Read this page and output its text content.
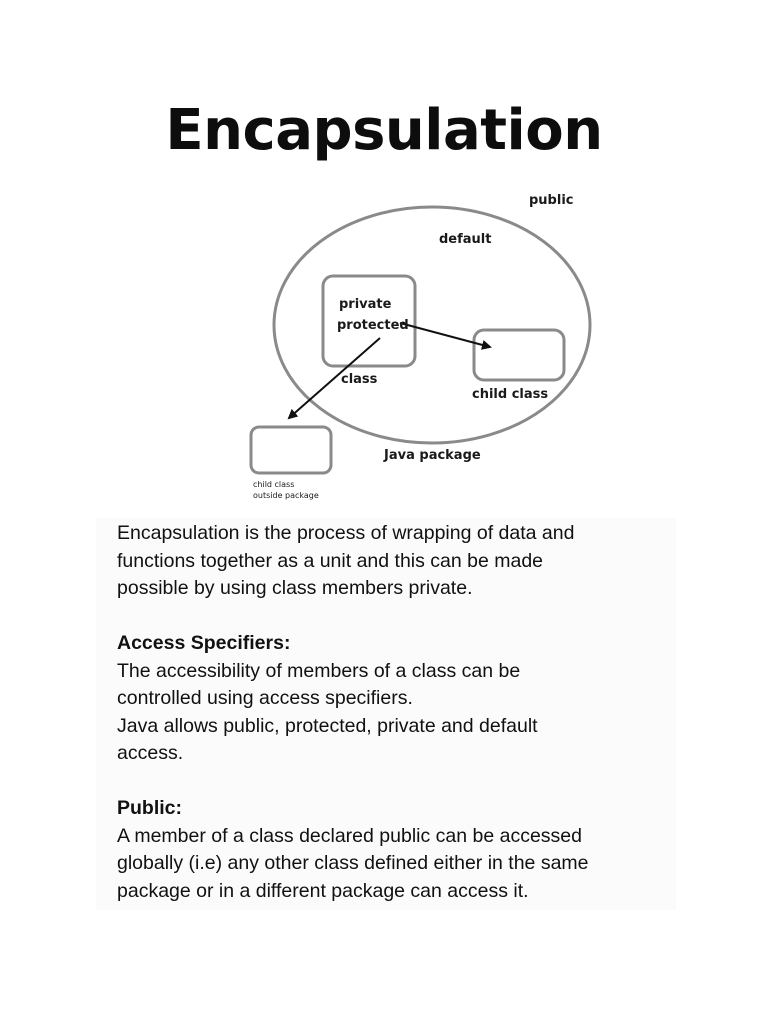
Encapsulation
public
default
private
protected
class
child class
Java package
child class
outside package

Encapsulation is the process of wrapping of data and

functions together as a unit and this can be made

possible by using class members private.

Access Specifiers:

The accessibility of members of a class can be

controlled using access specifiers.

Java allows public, protected, private and default

access.

Public:

A member of a class declared public can be accessed

globally (i.e) any other class defined either in the same

package or in a different package can access it.
